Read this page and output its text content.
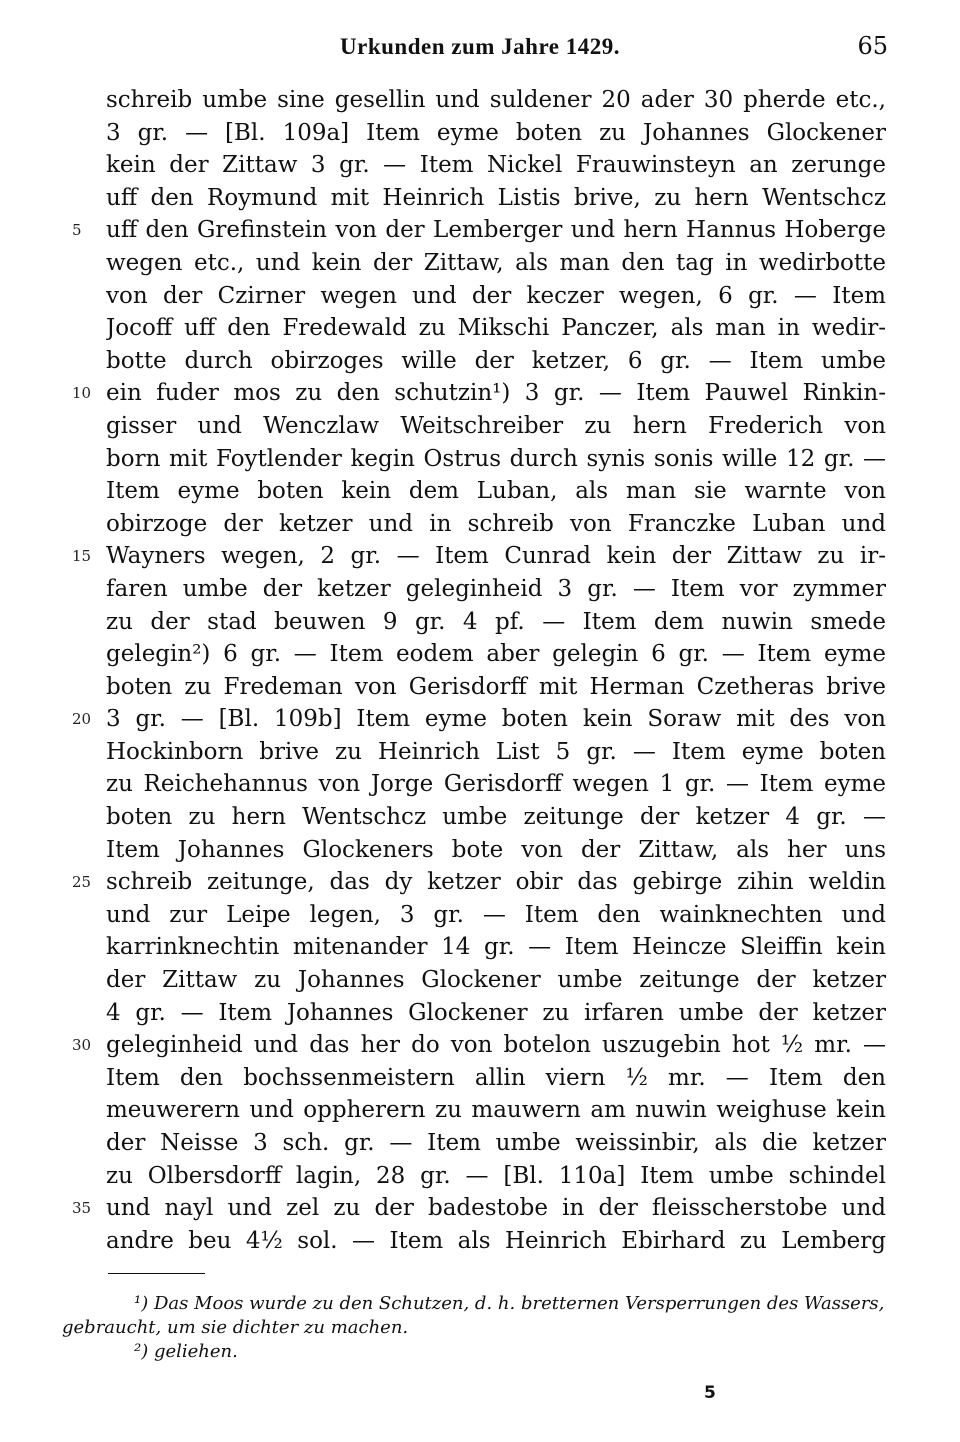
Urkunden zum Jahre 1429.	65
schreib umbe sine gesellin und suldener 20 ader 30 pherde etc.,
3 gr. — [Bl. 109a] Item eyme boten zu Johannes Glockener
kein der Zittaw 3 gr. — Item Nickel Frauwinsteyn an zerunge
uff den Roymund mit Heinrich Listis brive, zu hern Wentschcz
5	uff den Grefinstein von der Lemberger und hern Hannus Hoberge
wegen etc., und kein der Zittaw, als man den tag in wedirbotte
von der Czirner wegen und der keczer wegen, 6 gr. — Item
Jocoff uff den Fredewald zu Mikschi Panczer, als man in wedir-
botte durch obirzoges wille der ketzer, 6 gr. — Item umbe
10 ein fuder mos zu den schutzin¹) 3 gr. — Item Pauwel Rinkin-
gisser und Wenczlaw Weitschreiber zu hern Frederich von
born mit Foytlender kegin Ostrus durch synis sonis wille 12 gr. —
Item eyme boten kein dem Luban, als man sie warnte von
obirzoge der ketzer und in schreib von Franczke Luban und
15 Wayners wegen, 2 gr. — Item Cunrad kein der Zittaw zu ir-
faren umbe der ketzer geleginheid 3 gr. — Item vor zymmer
zu der stad beuwen 9 gr. 4 pf. — Item dem nuwin smede
gelegin²) 6 gr. — Item eodem aber gelegin 6 gr. — Item eyme
boten zu Fredeman von Gerisdorff mit Herman Czetheras brive
20 3 gr. — [Bl. 109b] Item eyme boten kein Soraw mit des von
Hockinborn brive zu Heinrich List 5 gr. — Item eyme boten
zu Reichehannus von Jorge Gerisdorff wegen 1 gr. — Item eyme
boten zu hern Wentschcz umbe zeitunge der ketzer 4 gr. —
Item Johannes Glockeners bote von der Zittaw, als her uns
25 schreib zeitunge, das dy ketzer obir das gebirge zihin weldin
und zur Leipe legen, 3 gr. — Item den wainknechten und
karrinknechtin mitenander 14 gr. — Item Heincze Sleiffin kein
der Zittaw zu Johannes Glockener umbe zeitunge der ketzer
4 gr. — Item Johannes Glockener zu irfaren umbe der ketzer
30 geleginheid und das her do von botelon uszugebin hot ½ mr. —
Item den bochssenmeistern allin viern ½ mr. — Item den
meuwerern und oppherern zu mauwern am nuwin weighuse kein
der Neisse 3 sch. gr. — Item umbe weissinbir, als die ketzer
zu Olbersdorff lagin, 28 gr. — [Bl. 110a] Item umbe schindel
35 und nayl und zel zu der badestobe in der fleisscherstobe und
andre beu 4½ sol. — Item als Heinrich Ebirhard zu Lemberg
¹) Das Moos wurde zu den Schutzen, d. h. bretternen Versperrungen des Wassers,
gebraucht, um sie dichter zu machen.
²) geliehen.
5
